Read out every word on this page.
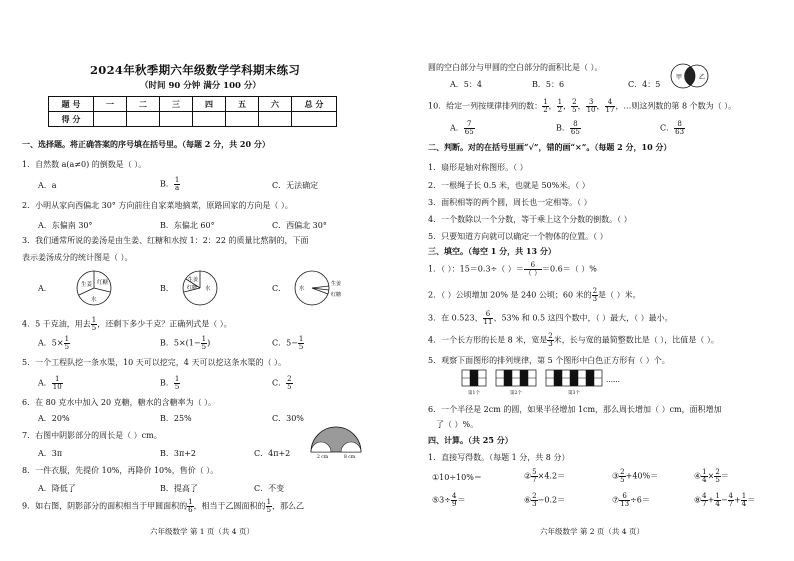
2024年秋季期六年级数学学科期末练习
（时间 90 分钟 满分 100 分）
题 号	一	二	三	四	五	六	总 分
得 分							
一、选择题。将正确答案的序号填在括号里。（每题 2 分，共 20 分）
1．自然数 a(a≠0) 的倒数是（ ）。
A．a	B． $\frac{1}{a}$	C．无法确定
2．小明从家向西偏北 30° 方向前往自家菜地摘菜，原路回家的方向是（ ）。
A．东偏南 30°	B．东偏北 60°	C．西偏北 30°
3．我们通常所说的姜汤是由生姜、红糖和水按 1：2：22 的质量比熬制的，下面
表示姜汤成分的统计图是（ ）。
A．	生姜 红糖
水
B．
生姜
红糖 水	C． 水
生姜
红糖
4．5 千克油，用去 $\frac{1}{5}$ ，还剩下多少千克？正确列式是（ ）。
A．$5\times \frac{1}{5}$	B．$5\times(1- \frac{1}{5}$ )	C．$5- \frac{1}{5}$
5．一个工程队挖一条水渠，10 天可以挖完，4 天可以挖这条水渠的（ ）。
A． $\frac{1}{10}$	B． $\frac{1}{5}$	C． $\frac{2}{5}$
6．在 80 克水中加入 20 克糖，糖水的含糖率为（ ）。
A．20%	B．25%	C．30%
7．右图中阴影部分的周长是（ ）cm。
2 cm	8 cm
A．3π	B．3π+2	C．4π+2
8．一件衣服，先提价 10%，再降价 10%，售价（ ）。
A．降低了	B．提高了	C．不变
9．如右图，阴影部分的面积相当于甲圆面积的 $\frac{1}{6}$ ，相当于乙圆面积的 $\frac{1}{5}$ ，那么乙
六年级数学 第 1 页（共 4 页）
圆的空白部分与甲圆的空白部分的面积比是（ ）。
甲	乙
A．5：4	B．5：6	C．4：5
10．给定一列按规律排列的数： $\frac{1}{2}$ ， $\frac{1}{2}$ ， $\frac{2}{5}$ ， $\frac{3}{10}$ ， $\frac{4}{17}$ ，…则这列数的第 8 个数为（ ）。
A． $\frac{7}{65}$	B． $\frac{8}{65}$	C． $\frac{8}{63}$
二、判断。对的在括号里画“√”，错的画“×”。（每题 2 分，10 分）
1．扇形是轴对称图形。（ ）
2．一根绳子长 0.5 米，也就是 50%米。（ ）
3．面积相等的两个圆，周长也一定相等。（ ）
4．一个数除以一个分数，等于乘上这个分数的倒数。（ ）
5．只要知道方向就可以确定一个物体的位置。（ ）
三、填空。（每空 1 分，共 13 分）
1．（ ）：15＝0.3÷（ ）＝ $\frac{6}{( )} =0.6=$（ ）%
2．（ ）公顷增加 20% 是 240 公顷；60 米的 $\frac{2}{3}$ 是（ ）米。
3．在 0.523、 $\frac{6}{11}$ 、53% 和 0.5 这四个数中，（ ）最大，（ ）最小。
4．一个长方形的长是 8 米，宽是 $\frac{2}{3}$ 米，长与宽的最简整数比是（ ），比值是（ ）。
5．观察下面图形的排列规律，第 5 个图形中白色正方形有（ ）个。
第1个	第2个	第3个
……
6．一个半径是 2cm 的圆，如果半径增加 1cm，那么周长增加（ ）cm，面积增加
了（ ）%。
四、计算。（共 25 分）
1．直接写得数。（每题 1 分，共 8 分）
①10÷10%＝	② $\frac{5}{7} \times 4.2=$	③ $\frac{2}{5} +40\%=$	④ $\frac{1}{4} \times \frac{2}{5}$ ＝
⑤3÷ $\frac{4}{9}$ ＝	⑥ $\frac{2}{3} -0.2=$	⑦ $\frac{6}{13} \div 6=$	⑧ $\frac{4}{7} + \frac{1}{4} - \frac{4}{7} + \frac{1}{4}$ ＝
六年级数学 第 2 页（共 4 页）
